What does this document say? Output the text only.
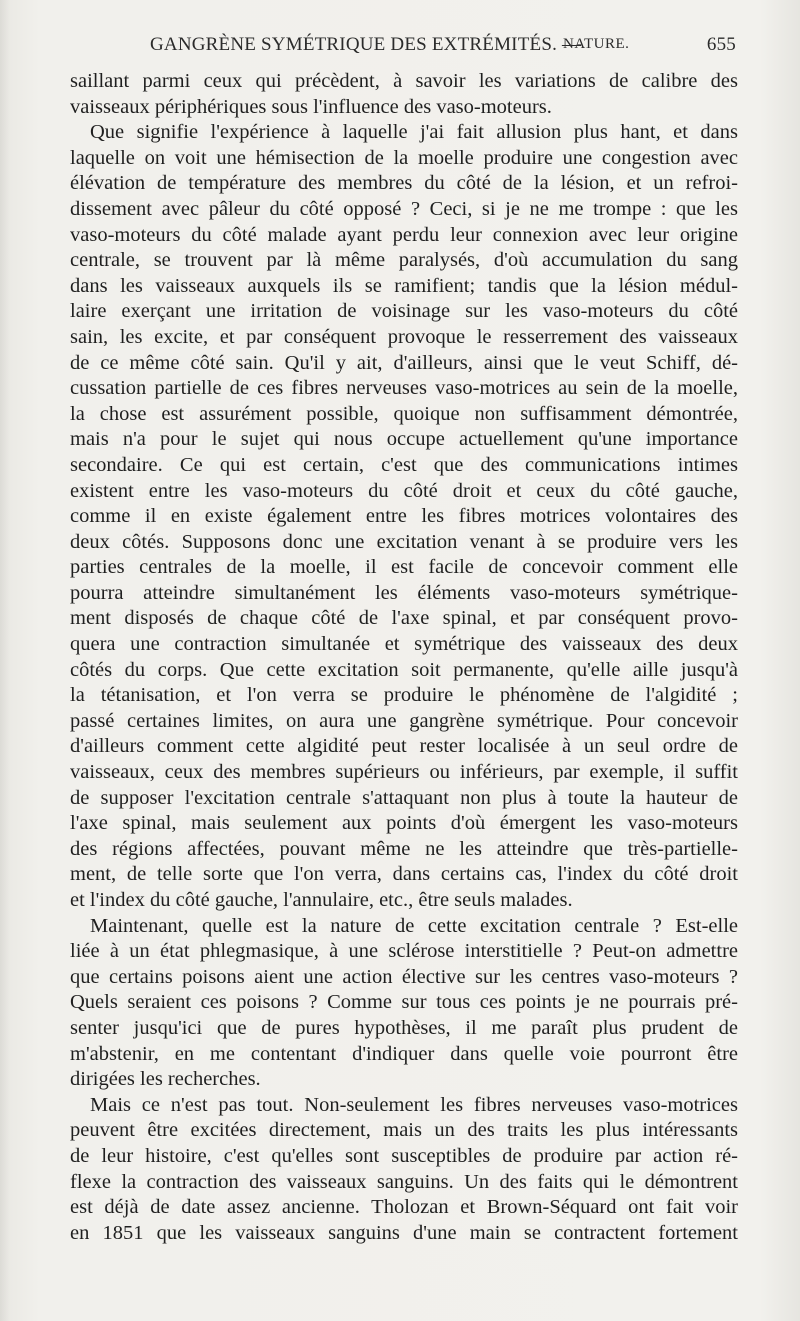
GANGRÈNE SYMÉTRIQUE DES EXTRÉMITÉS. —
NATURE.	655
saillant parmi ceux qui précèdent, à savoir les variations de calibre des
vaisseaux périphériques sous l'influence des vaso-moteurs.
Que signifie l'expérience à laquelle j'ai fait allusion plus hant, et dans
laquelle on voit une hémisection de la moelle produire une congestion avec
élévation de température des membres du côté de la lésion, et un refroi-
dissement avec pâleur du côté opposé ? Ceci, si je ne me trompe : que les
vaso-moteurs du côté malade ayant perdu leur connexion avec leur origine
centrale, se trouvent par là même paralysés, d'où accumulation du sang
dans les vaisseaux auxquels ils se ramifient; tandis que la lésion médul-
laire exerçant une irritation de voisinage sur les vaso-moteurs du côté
sain, les excite, et par conséquent provoque le resserrement des vaisseaux
de ce même côté sain. Qu'il y ait, d'ailleurs, ainsi que le veut Schiff, dé-
cussation partielle de ces fibres nerveuses vaso-motrices au sein de la moelle,
la chose est assurément possible, quoique non suffisamment démontrée,
mais n'a pour le sujet qui nous occupe actuellement qu'une importance
secondaire. Ce qui est certain, c'est que des communications intimes
existent entre les vaso-moteurs du côté droit et ceux du côté gauche,
comme il en existe également entre les fibres motrices volontaires des
deux côtés. Supposons donc une excitation venant à se produire vers les
parties centrales de la moelle, il est facile de concevoir comment elle
pourra atteindre simultanément les éléments vaso-moteurs symétrique-
ment disposés de chaque côté de l'axe spinal, et par conséquent provo-
quera une contraction simultanée et symétrique des vaisseaux des deux
côtés du corps. Que cette excitation soit permanente, qu'elle aille jusqu'à
la tétanisation, et l'on verra se produire le phénomène de l'algidité ;
passé certaines limites, on aura une gangrène symétrique. Pour concevoir
d'ailleurs comment cette algidité peut rester localisée à un seul ordre de
vaisseaux, ceux des membres supérieurs ou inférieurs, par exemple, il suffit
de supposer l'excitation centrale s'attaquant non plus à toute la hauteur de
l'axe spinal, mais seulement aux points d'où émergent les vaso-moteurs
des régions affectées, pouvant même ne les atteindre que très-partielle-
ment, de telle sorte que l'on verra, dans certains cas, l'index du côté droit
et l'index du côté gauche, l'annulaire, etc., être seuls malades.
Maintenant, quelle est la nature de cette excitation centrale ? Est-elle
liée à un état phlegmasique, à une sclérose interstitielle ? Peut-on admettre
que certains poisons aient une action élective sur les centres vaso-moteurs ?
Quels seraient ces poisons ? Comme sur tous ces points je ne pourrais pré-
senter jusqu'ici que de pures hypothèses, il me paraît plus prudent de
m'abstenir, en me contentant d'indiquer dans quelle voie pourront être
dirigées les recherches.
Mais ce n'est pas tout. Non-seulement les fibres nerveuses vaso-motrices
peuvent être excitées directement, mais un des traits les plus intéressants
de leur histoire, c'est qu'elles sont susceptibles de produire par action ré-
flexe la contraction des vaisseaux sanguins. Un des faits qui le démontrent
est déjà de date assez ancienne. Tholozan et Brown-Séquard ont fait voir
en 1851 que les vaisseaux sanguins d'une main se contractent fortement
